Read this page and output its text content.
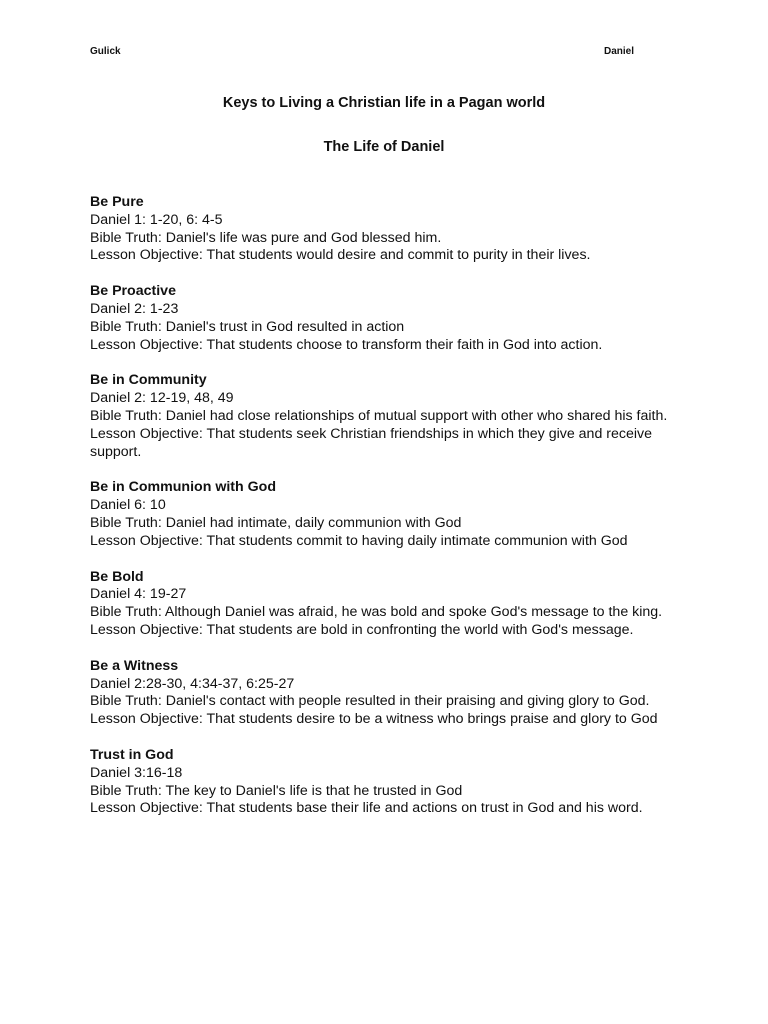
Gulick	Daniel
Keys to Living a Christian life in a Pagan world
The Life of Daniel

Be Pure

Daniel 1: 1-20, 6: 4-5

Bible Truth: Daniel's life was pure and God blessed him.

Lesson Objective: That students would desire and commit to purity in their lives.

Be Proactive

Daniel 2: 1-23

Bible Truth: Daniel's trust in God resulted in action

Lesson Objective: That students choose to transform their faith in God into action.

Be in Community

Daniel 2: 12-19, 48, 49

Bible Truth: Daniel had close relationships of mutual support with other who shared his faith.

Lesson Objective: That students seek Christian friendships in which they give and receive support.

Be in Communion with God

Daniel 6: 10

Bible Truth: Daniel had intimate, daily communion with God

Lesson Objective: That students commit to having daily intimate communion with God

Be Bold

Daniel 4: 19-27

Bible Truth: Although Daniel was afraid, he was bold and spoke God's message to the king.

Lesson Objective: That students are bold in confronting the world with God's message.

Be a Witness

Daniel 2:28-30, 4:34-37, 6:25-27

Bible Truth: Daniel's contact with people resulted in their praising and giving glory to God.

Lesson Objective: That students desire to be a witness who brings praise and glory to God

Trust in God

Daniel 3:16-18

Bible Truth: The key to Daniel's life is that he trusted in God

Lesson Objective: That students base their life and actions on trust in God and his word.
